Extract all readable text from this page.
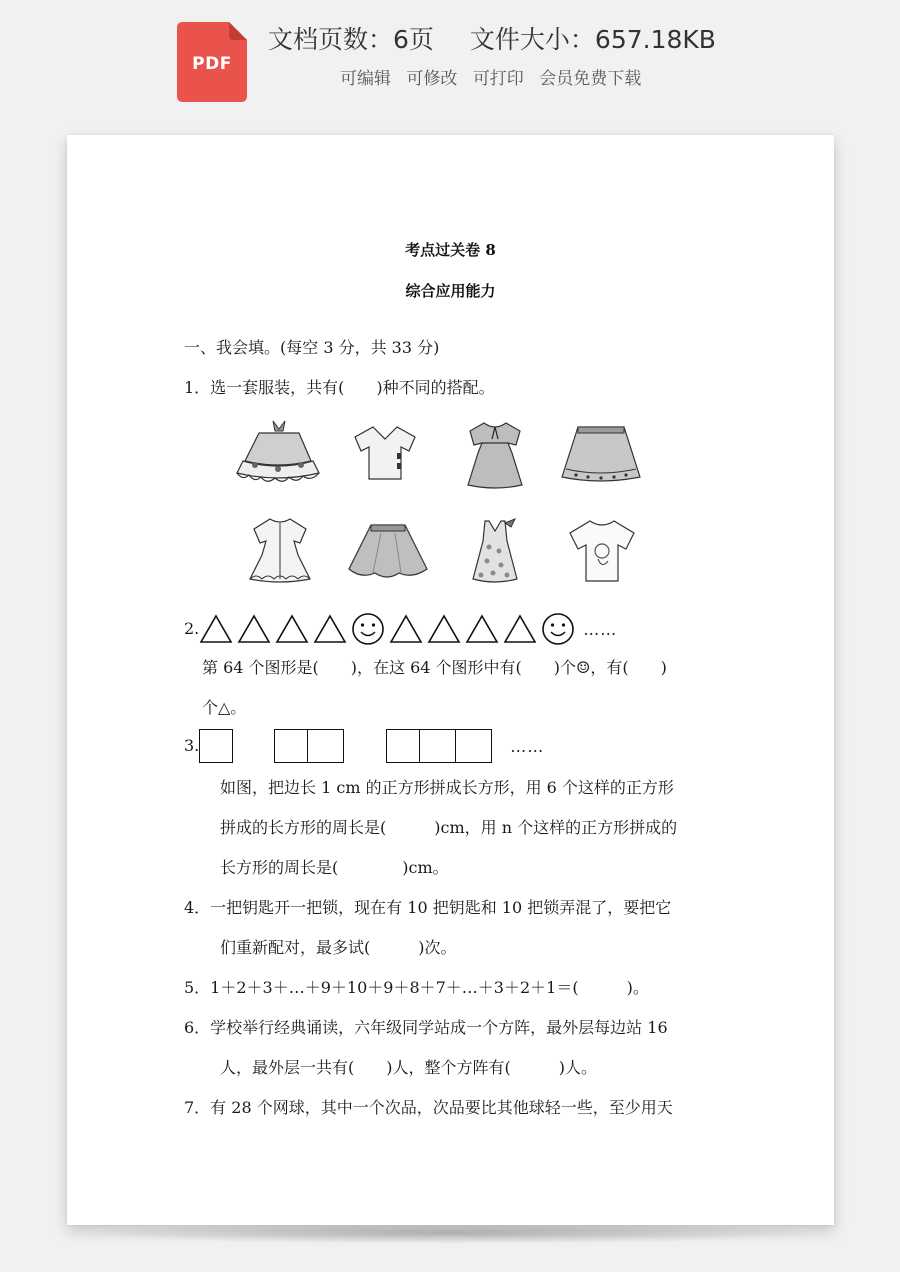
PDF
文档页数：6页 文件大小：657.18KB
可编辑 可修改 可打印 会员免费下载
考点过关卷 8
综合应用能力
一、我会填。(每空 3 分，共 33 分)
1．选一套服装，共有(　　)种不同的搭配。
2.	……
第 64 个图形是(　　)，在这 64 个图形中有(　　)个☺，有(　　)
个△。
3.	……
如图，把边长 1 cm 的正方形拼成长方形，用 6 个这样的正方形
拼成的长方形的周长是(　　　)cm，用 n 个这样的正方形拼成的
长方形的周长是(　　　　)cm。
4．一把钥匙开一把锁，现在有 10 把钥匙和 10 把锁弄混了，要把它
们重新配对，最多试(　　　)次。
5．1＋2＋3＋…＋9＋10＋9＋8＋7＋…＋3＋2＋1＝(　　　)。
6．学校举行经典诵读，六年级同学站成一个方阵，最外层每边站 16
人，最外层一共有(　　)人，整个方阵有(　　　)人。
7．有 28 个网球，其中一个次品，次品要比其他球轻一些，至少用天
